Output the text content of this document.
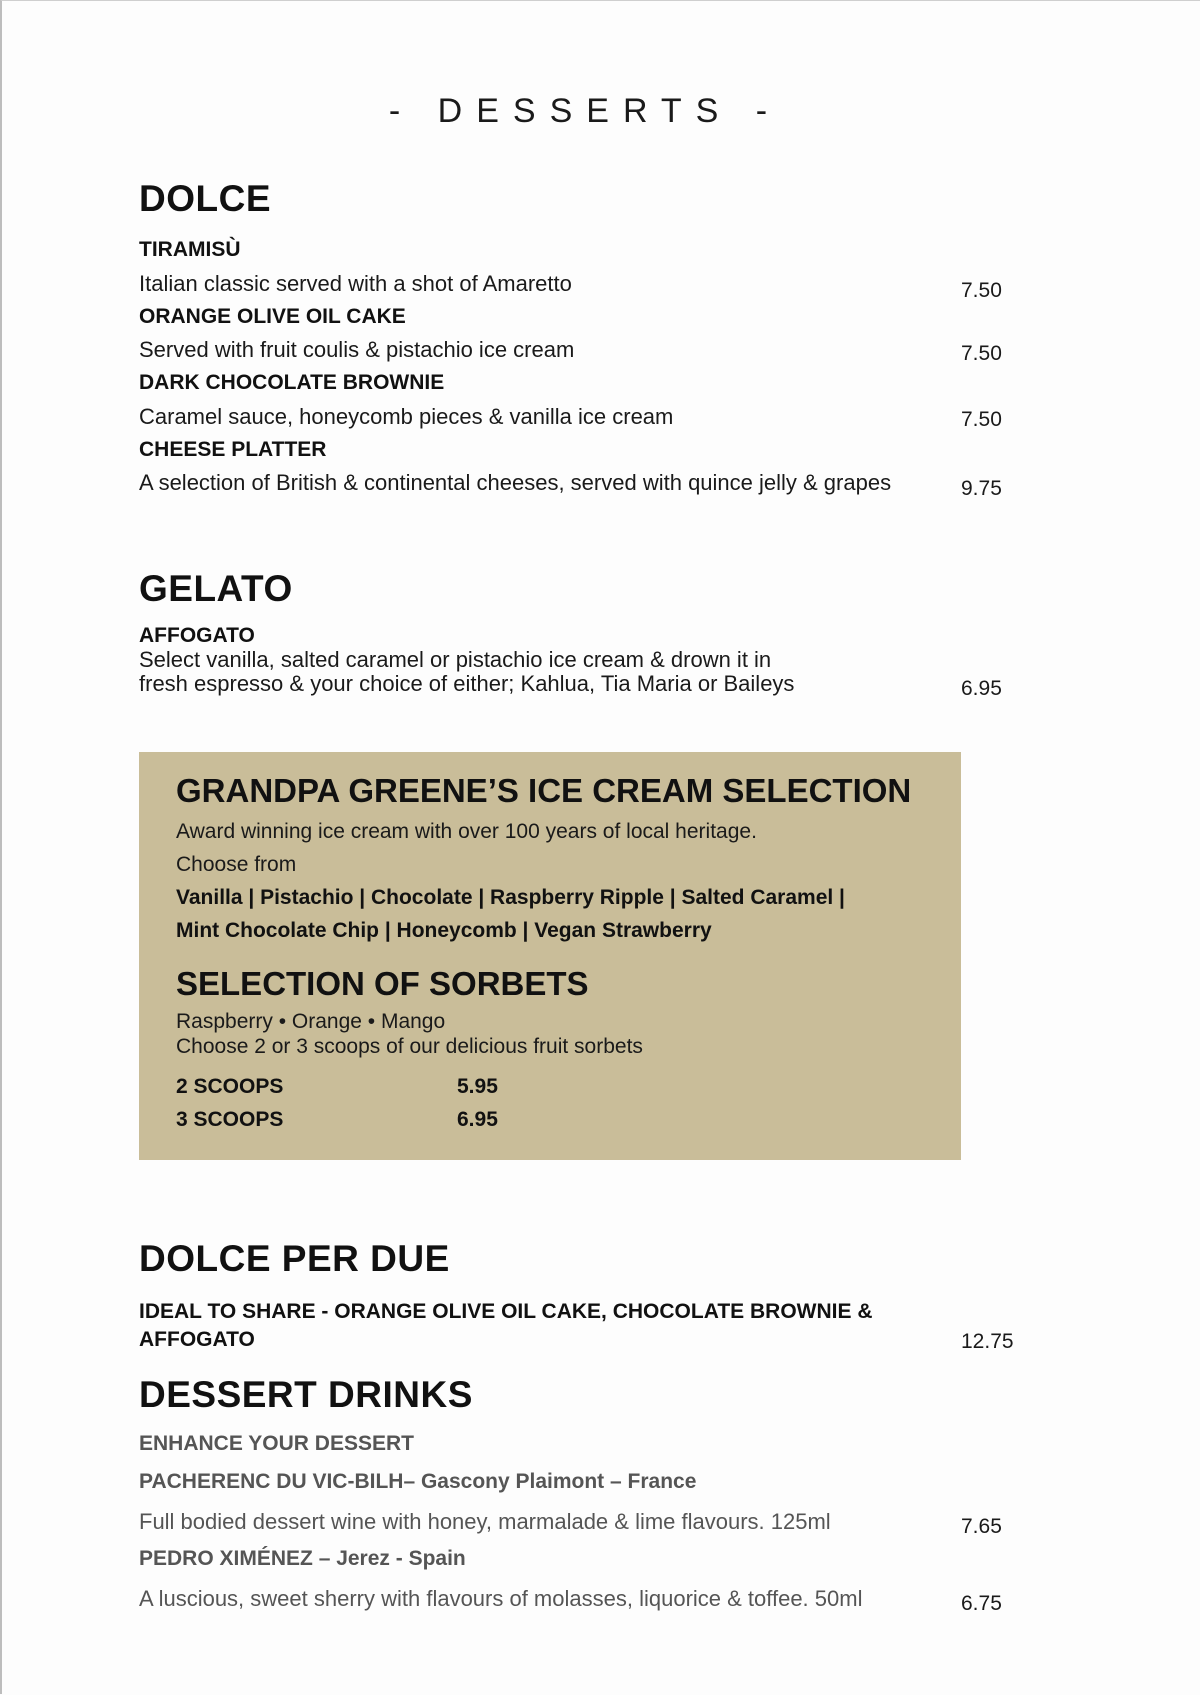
- DESSERTS -
DOLCE
TIRAMISÙ
Italian classic served with a shot of Amaretto	7.50
ORANGE OLIVE OIL CAKE
Served with fruit coulis & pistachio ice cream	7.50
DARK CHOCOLATE BROWNIE
Caramel sauce, honeycomb pieces & vanilla ice cream	7.50
CHEESE PLATTER
A selection of British & continental cheeses, served with quince jelly & grapes	9.75
GELATO
AFFOGATO
Select vanilla, salted caramel or pistachio ice cream & drown it in
fresh espresso & your choice of either; Kahlua, Tia Maria or Baileys	6.95
GRANDPA GREENE’S ICE CREAM SELECTION
Award winning ice cream with over 100 years of local heritage.
Choose from
Vanilla | Pistachio | Chocolate | Raspberry Ripple | Salted Caramel |
Mint Chocolate Chip | Honeycomb | Vegan Strawberry
SELECTION OF SORBETS
Raspberry • Orange • Mango
Choose 2 or 3 scoops of our delicious fruit sorbets
2 SCOOPS	5.95
3 SCOOPS	6.95
DOLCE PER DUE
IDEAL TO SHARE - ORANGE OLIVE OIL CAKE, CHOCOLATE BROWNIE &
AFFOGATO	12.75
DESSERT DRINKS
ENHANCE YOUR DESSERT
PACHERENC DU VIC-BILH– Gascony Plaimont – France
Full bodied dessert wine with honey, marmalade & lime flavours. 125ml	7.65
PEDRO XIMÉNEZ – Jerez - Spain
A luscious, sweet sherry with flavours of molasses, liquorice & toffee. 50ml	6.75
